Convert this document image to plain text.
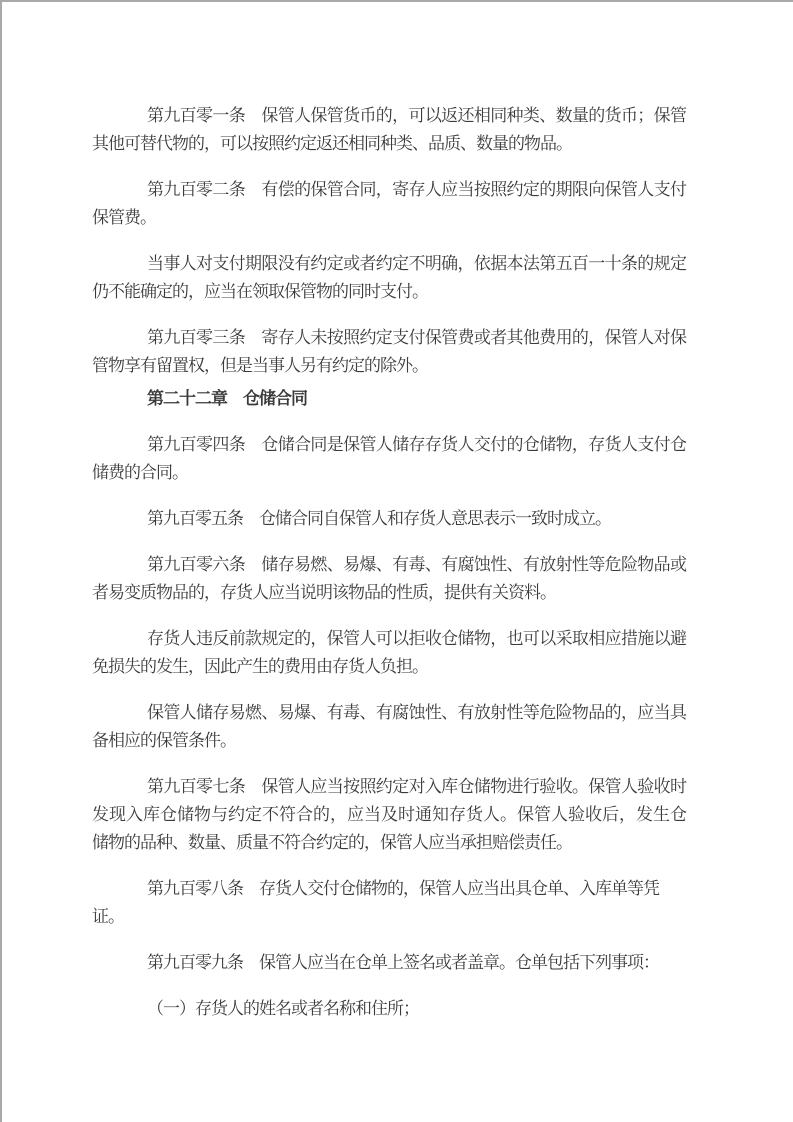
第九百零一条　保管人保管货币的，可以返还相同种类、数量的货币；保管
其他可替代物的，可以按照约定返还相同种类、品质、数量的物品。

第九百零二条　有偿的保管合同，寄存人应当按照约定的期限向保管人支付
保管费。

当事人对支付期限没有约定或者约定不明确，依据本法第五百一十条的规定
仍不能确定的，应当在领取保管物的同时支付。

第九百零三条　寄存人未按照约定支付保管费或者其他费用的，保管人对保
管物享有留置权，但是当事人另有约定的除外。

第二十二章　仓储合同

第九百零四条　仓储合同是保管人储存存货人交付的仓储物，存货人支付仓
储费的合同。

第九百零五条　仓储合同自保管人和存货人意思表示一致时成立。

第九百零六条　储存易燃、易爆、有毒、有腐蚀性、有放射性等危险物品或
者易变质物品的，存货人应当说明该物品的性质，提供有关资料。

存货人违反前款规定的，保管人可以拒收仓储物，也可以采取相应措施以避
免损失的发生，因此产生的费用由存货人负担。

保管人储存易燃、易爆、有毒、有腐蚀性、有放射性等危险物品的，应当具
备相应的保管条件。

第九百零七条　保管人应当按照约定对入库仓储物进行验收。保管人验收时
发现入库仓储物与约定不符合的，应当及时通知存货人。保管人验收后，发生仓
储物的品种、数量、质量不符合约定的，保管人应当承担赔偿责任。

第九百零八条　存货人交付仓储物的，保管人应当出具仓单、入库单等凭证。

第九百零九条　保管人应当在仓单上签名或者盖章。仓单包括下列事项：

（一）存货人的姓名或者名称和住所；
